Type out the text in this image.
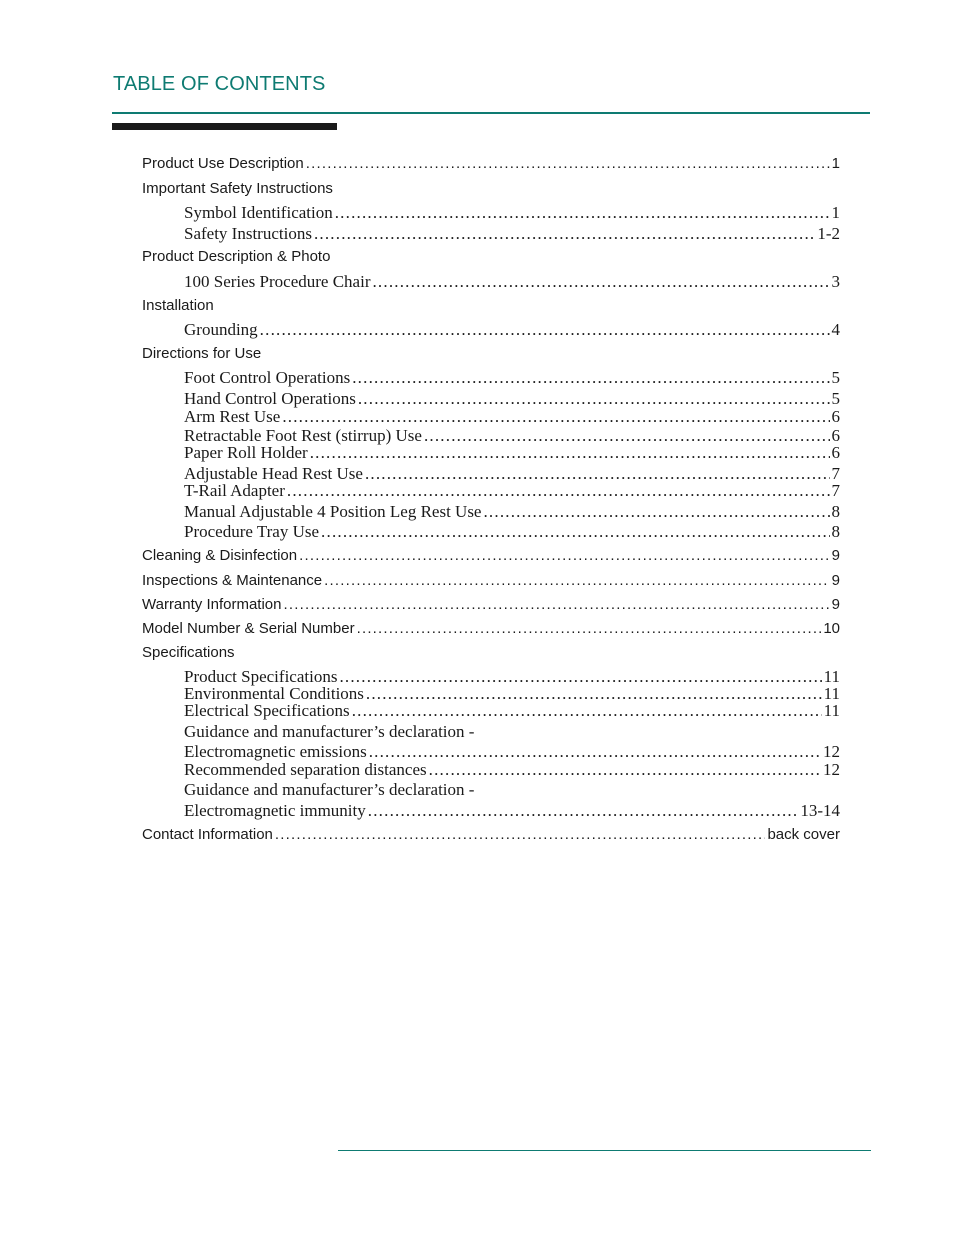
TABLE OF CONTENTS
Product Use Description .....	1
Important Safety Instructions
Symbol Identification .....	1
Safety Instructions .....	1-2
Product Description & Photo
100 Series Procedure Chair .....	3
Installation
Grounding .....	4
Directions for Use
Foot Control Operations .....	5
Hand Control Operations .....	5
Arm Rest Use .....	6
Retractable Foot Rest (stirrup) Use .....	6
Paper Roll Holder .....	6
Adjustable Head Rest Use .....	7
T-Rail Adapter .....	7
Manual Adjustable 4 Position Leg Rest Use .....	8
Procedure Tray Use .....	8
Cleaning & Disinfection .....	9
Inspections & Maintenance .....	9
Warranty Information .....	9
Model Number & Serial Number .....	10
Specifications
Product Specifications .....	11
Environmental Conditions .....	11
Electrical Specifications .....	11
Guidance and manufacturer’s declaration -
Electromagnetic emissions .....	12
Recommended separation distances .....	12
Guidance and manufacturer’s declaration -
Electromagnetic immunity .....	13-14
Contact Information .....	back cover
